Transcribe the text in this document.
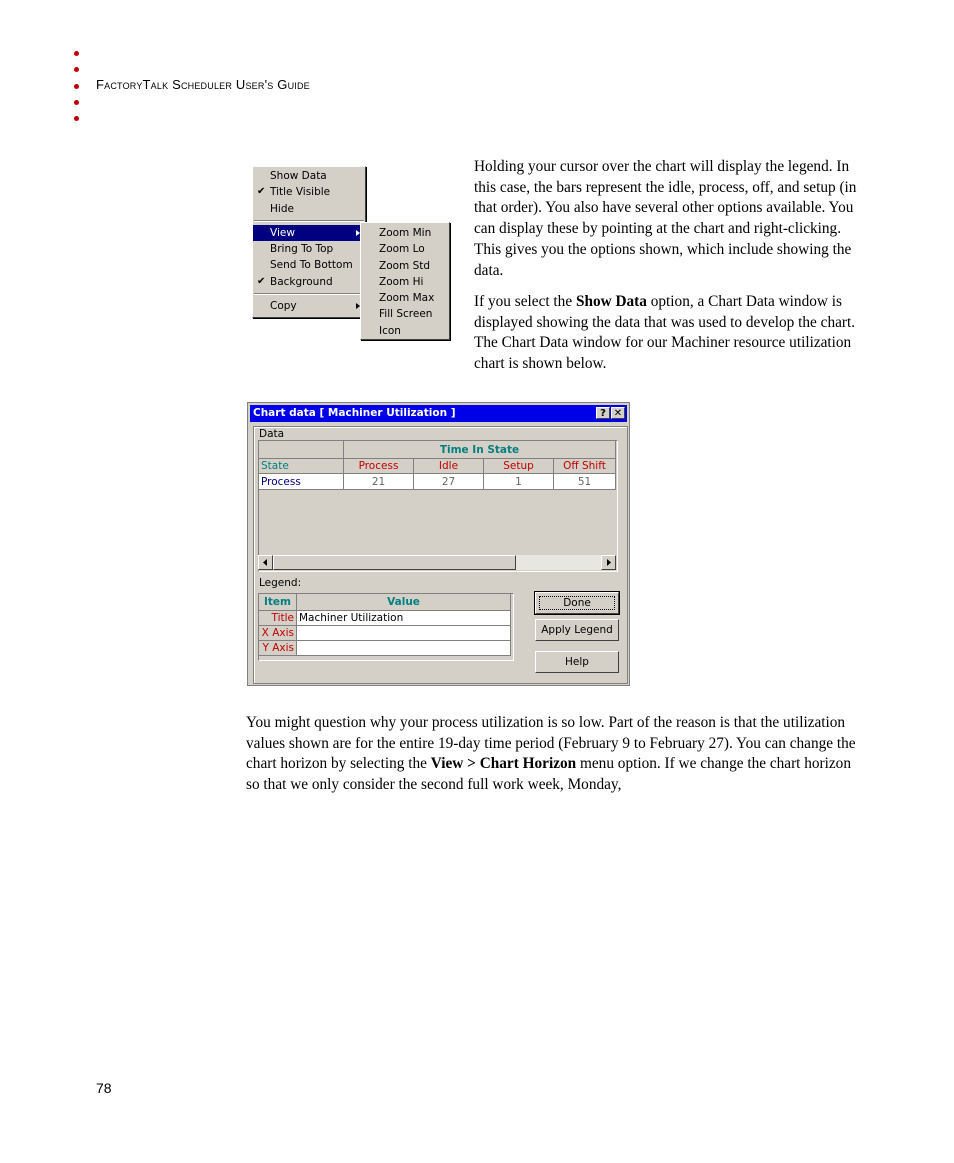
FactoryTalk Scheduler User's Guide
Show Data
✔ Title Visible
Hide
View
Bring To Top
Send To Bottom
✔ Background
Copy
Zoom Min
Zoom Lo
Zoom Std
Zoom Hi
Zoom Max
Fill Screen
Icon

Holding your cursor over the chart will display the legend. In this case, the bars represent the idle, process, off, and setup (in that order). You also have several other options available. You can display these by pointing at the chart and right-clicking. This gives you the options shown, which include showing the data.

If you select the Show Data option, a Chart Data window is displayed showing the data that was used to develop the chart. The Chart Data window for our Machiner resource utilization chart is shown below.

Chart data [ Machiner Utilization ]	? ✕
Data
Time In State
State	Process	Idle	Setup	Off Shift
Process	21	27	1	51
Legend:
Item	Value
Title Machiner Utilization
X Axis
Y Axis
Done
Apply Legend
Help

You might question why your process utilization is so low. Part of the reason is that the utilization values shown are for the entire 19-day time period (February 9 to February 27). You can change the chart horizon by selecting the View > Chart Horizon menu option. If we change the chart horizon so that we only consider the second full work week, Monday,

78
